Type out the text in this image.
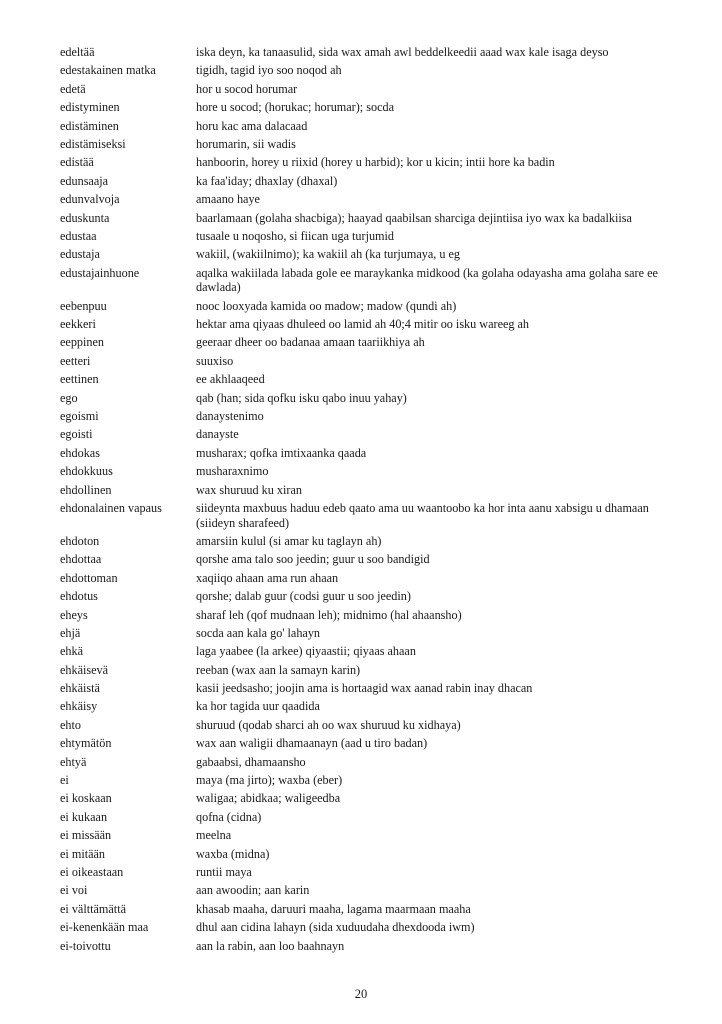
edeltää	iska deyn, ka tanaasulid, sida wax amah awl beddelkeedii aaad wax kale isaga deyso
edestakainen matka	tigidh, tagid iyo soo noqod ah
edetä	hor u socod horumar
edistyminen	hore u socod; (horukac; horumar); socda
edistäminen	horu kac ama dalacaad
edistämiseksi	horumarin, sii wadis
edistää	hanboorin, horey u riixid (horey u harbid); kor u kicin; intii hore ka badin
edunsaaja	ka faa'iday; dhaxlay (dhaxal)
edunvalvoja	amaano haye
eduskunta	baarlamaan (golaha shacbiga); haayad qaabilsan sharciga dejintiisa iyo wax ka badalkiisa
edustaa	tusaale u noqosho, si fiican uga turjumid
edustaja	wakiil, (wakiilnimo); ka wakiil ah (ka turjumaya, u eg
edustajainhuone	aqalka wakiilada labada gole ee maraykanka midkood (ka golaha odayasha ama golaha sare ee dawlada)
eebenpuu	nooc looxyada kamida oo madow; madow (qundi ah)
eekkeri	hektar ama qiyaas dhuleed oo lamid ah 40;4 mitir oo isku wareeg ah
eeppinen	geeraar dheer oo badanaa amaan taariikhiya ah
eetteri	suuxiso
eettinen	ee akhlaaqeed
ego	qab (han; sida qofku isku qabo inuu yahay)
egoismi	danaystenimo
egoisti	danayste
ehdokas	musharax; qofka imtixaanka qaada
ehdokkuus	musharaxnimo
ehdollinen	wax shuruud ku xiran
ehdonalainen vapaus	siideynta maxbuus haduu edeb qaato ama uu waantoobo ka hor inta aanu xabsigu u dhamaan (siideyn sharafeed)
ehdoton	amarsiin kulul (si amar ku taglayn ah)
ehdottaa	qorshe ama talo soo jeedin; guur u soo bandigid
ehdottoman	xaqiiqo ahaan ama run ahaan
ehdotus	qorshe; dalab guur (codsi guur u soo jeedin)
eheys	sharaf leh (qof mudnaan leh); midnimo (hal ahaansho)
ehjä	socda aan kala go' lahayn
ehkä	laga yaabee (la arkee) qiyaastii; qiyaas ahaan
ehkäisevä	reeban (wax aan la samayn karin)
ehkäistä	kasii jeedsasho; joojin ama is hortaagid wax aanad rabin inay dhacan
ehkäisy	ka hor tagida uur qaadida
ehto	shuruud (qodab sharci ah oo wax shuruud ku xidhaya)
ehtymätön	wax aan waligii dhamaanayn (aad u tiro badan)
ehtyä	gabaabsi, dhamaansho
ei	maya (ma jirto); waxba (eber)
ei koskaan	waligaa; abidkaa; waligeedba
ei kukaan	qofna (cidna)
ei missään	meelna
ei mitään	waxba (midna)
ei oikeastaan	runtii maya
ei voi	aan awoodin; aan karin
ei välttämättä	khasab maaha, daruuri maaha, lagama maarmaan maaha
ei-kenenkään maa	dhul aan cidina lahayn (sida xuduudaha dhexdooda iwm)
ei-toivottu	aan la rabin, aan loo baahnayn
20
